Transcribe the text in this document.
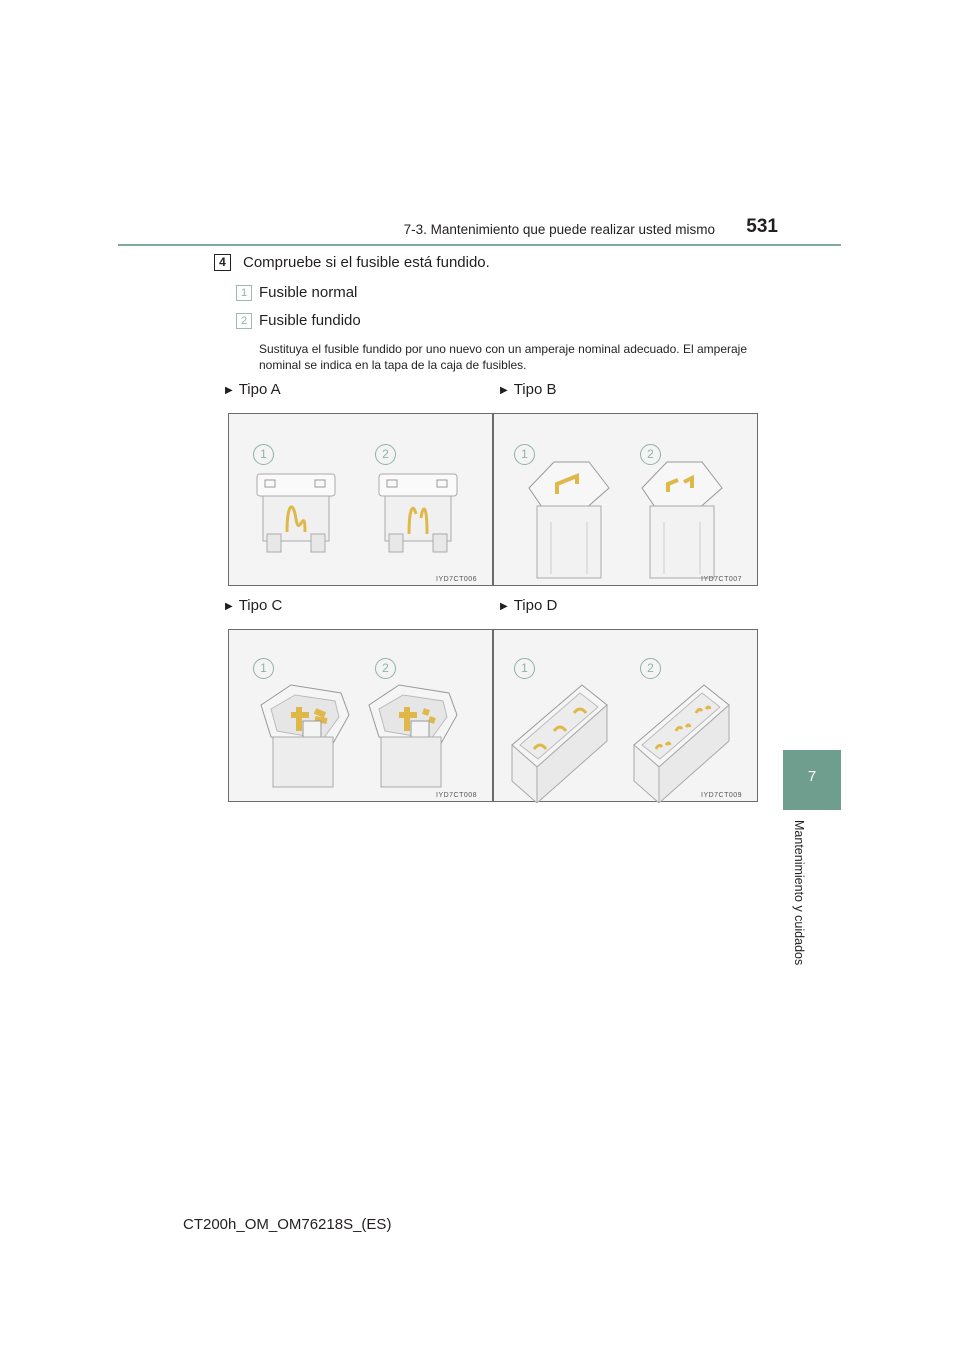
7-3. Mantenimiento que puede realizar usted mismo	531
7
Mantenimiento y cuidados
4	Compruebe si el fusible está fundido.
1 Fusible normal
2 Fusible fundido
Sustituya el fusible fundido por uno nuevo con un amperaje nominal adecuado. El amperaje nominal se indica en la tapa de la caja de fusibles.
▶ Tipo A	▶ Tipo B
▶ Tipo C	▶ Tipo D
1	2
IYD7CT006
1	2
IYD7CT007
1	2
IYD7CT008
1	2
IYD7CT009
CT200h_OM_OM76218S_(ES)
